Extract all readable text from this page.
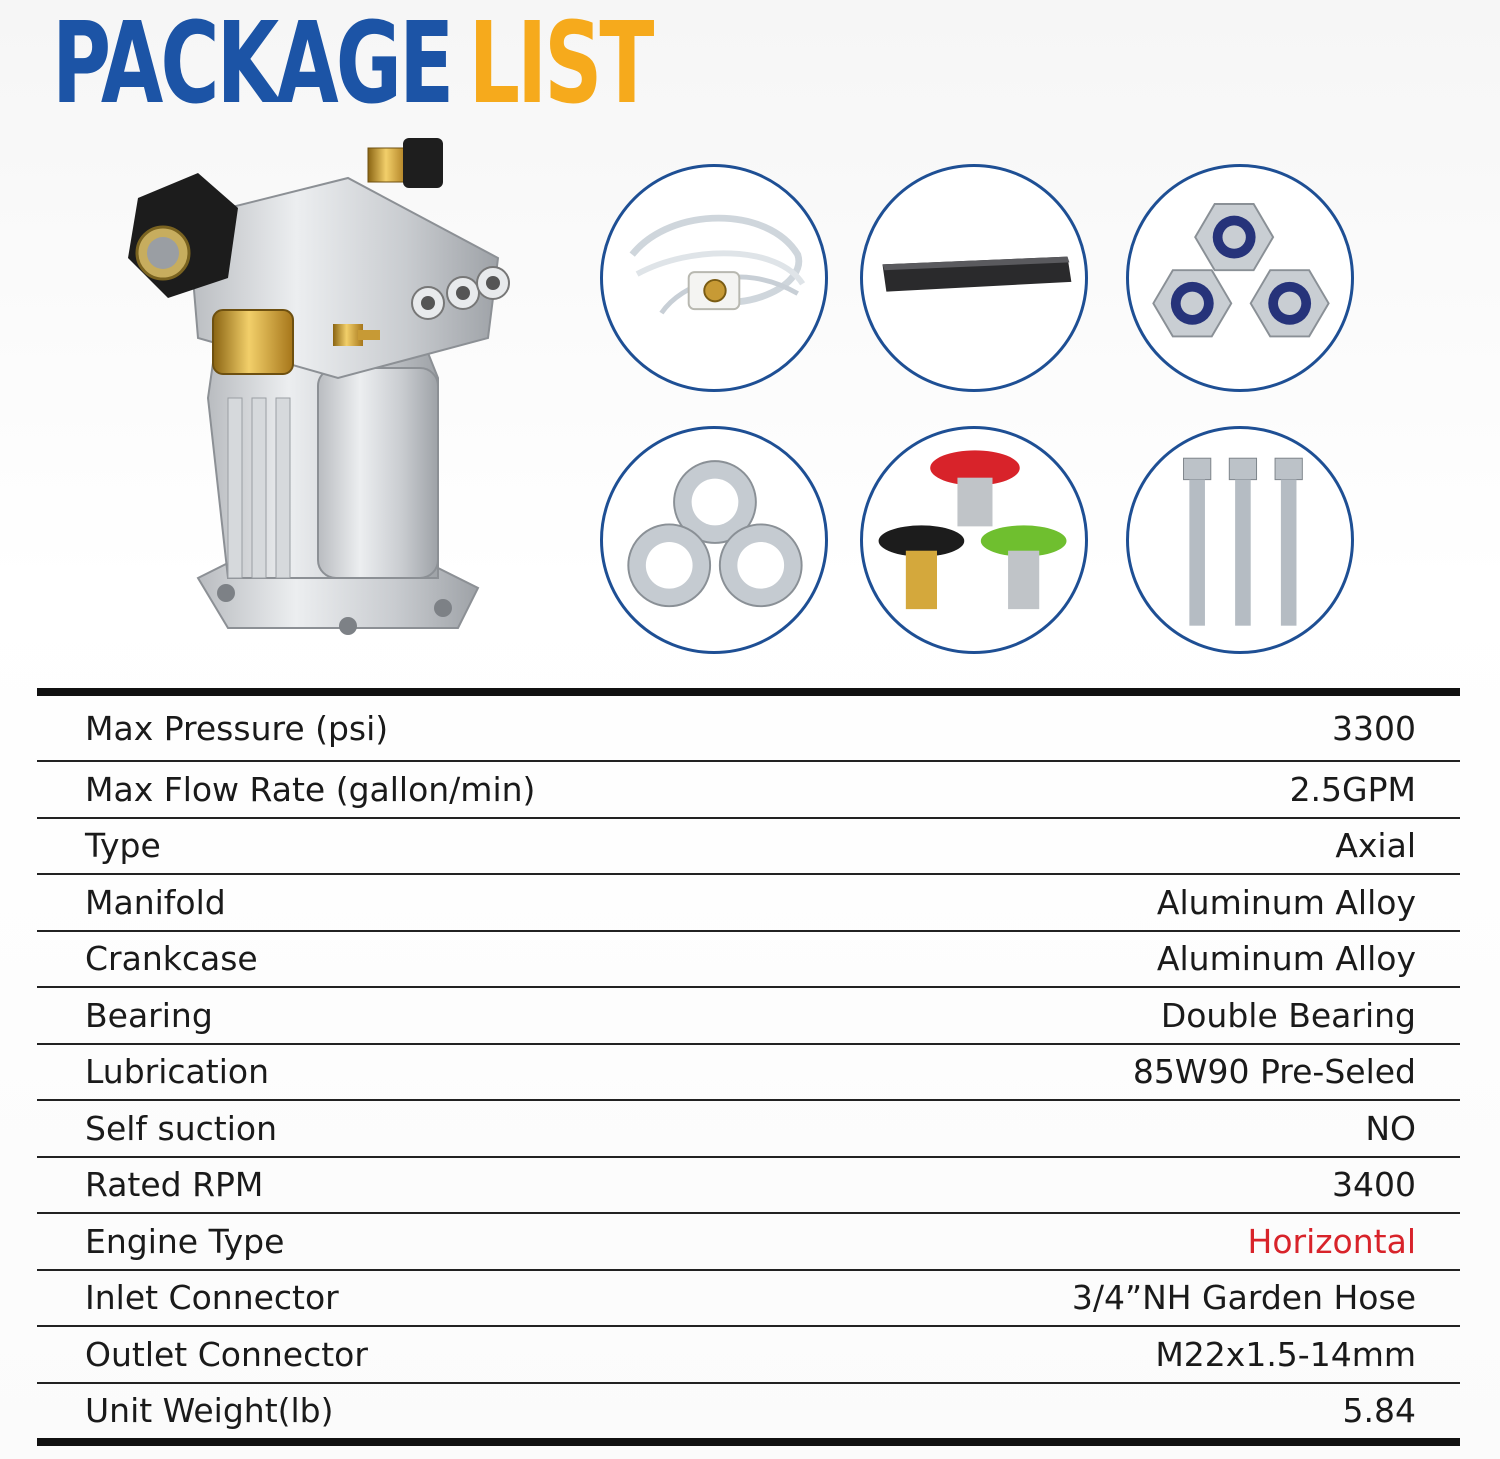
PACKAGE LIST
Max Pressure (psi)	3300
Max Flow Rate (gallon/min)	2.5GPM
Type	Axial
Manifold	Aluminum Alloy
Crankcase	Aluminum Alloy
Bearing	Double Bearing
Lubrication	85W90 Pre-Seled
Self suction	NO
Rated RPM	3400
Engine Type	Horizontal
Inlet Connector	3/4”NH Garden Hose
Outlet Connector	M22x1.5-14mm
Unit Weight(lb)	5.84
